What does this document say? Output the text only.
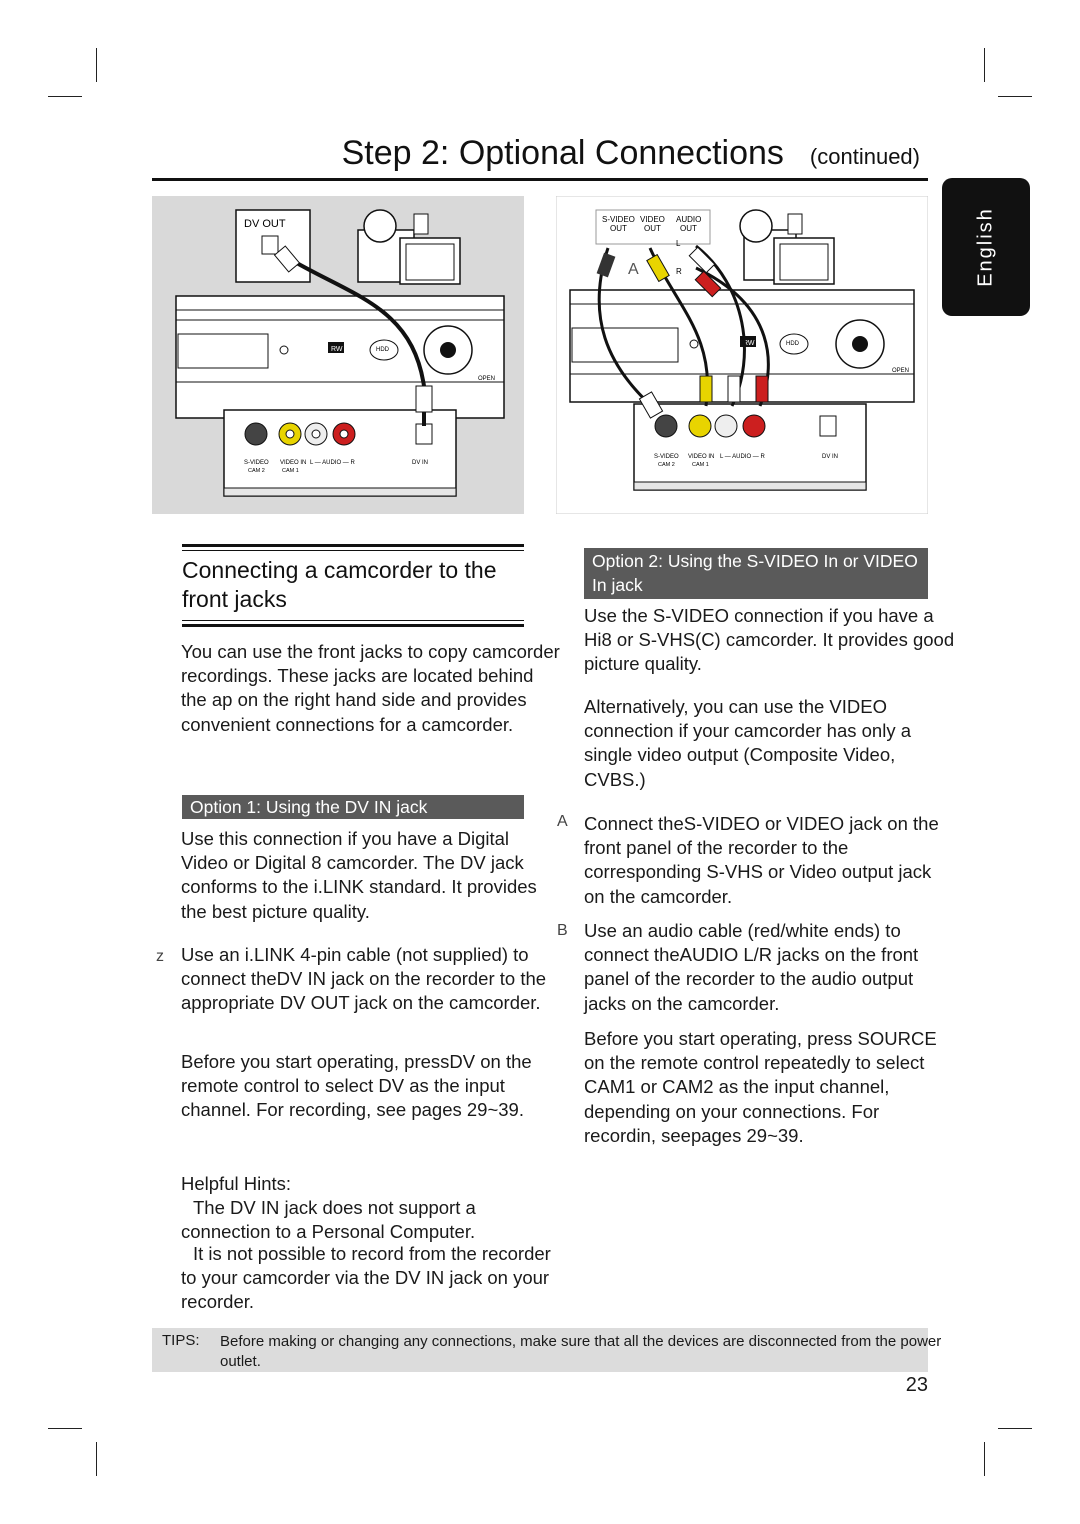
Step 2: Optional Connections (continued)
English
DV OUT
RW	HDD
OPEN
S-VIDEO VIDEO IN L — AUDIO — R	DV IN
CAM 2	CAM 1
S-VIDEO
OUT
VIDEO
OUT
AUDIO
OUT
A
L
R
RW	HDD
OPEN
S-VIDEO VIDEO IN L — AUDIO — R	DV IN
CAM 2	CAM 1
Connecting a camcorder to the front jacks
You can use the front jacks to copy camcorder recordings. These jacks are located behind the ap on the right hand side and provides convenient connections for a camcorder.
Option 1: Using the DV IN jack
Use this connection if you have a Digital Video or Digital 8 camcorder. The DV jack conforms to the i.LINK standard. It provides the best picture quality.
z Use an i.LINK 4-pin cable (not supplied) to connect theDV IN jack on the recorder to the appropriate DV OUT jack on the camcorder.
Before you start operating, pressDV on the remote control to select DV as the input channel. For recording, see pages 29~39.
Helpful Hints:
The DV IN jack does not support a connection to a Personal Computer.
It is not possible to record from the recorder to your camcorder via the DV IN jack on your recorder.
Option 2: Using the S-VIDEO In or VIDEO In jack
Use the S-VIDEO connection if you have a Hi8 or S-VHS(C) camcorder. It provides good picture quality.
Alternatively, you can use the VIDEO connection if your camcorder has only a single video output (Composite Video, CVBS.)
A Connect theS-VIDEO or VIDEO jack on the front panel of the recorder to the corresponding S-VHS or Video output jack on the camcorder.
B Use an audio cable (red/white ends) to connect theAUDIO L/R jacks on the front panel of the recorder to the audio output jacks on the camcorder.
Before you start operating, press SOURCE on the remote control repeatedly to select CAM1 or CAM2 as the input channel, depending on your connections. For recordin, seepages 29~39.
TIPS: Before making or changing any connections, make sure that all the devices are disconnected from the power outlet.
23
